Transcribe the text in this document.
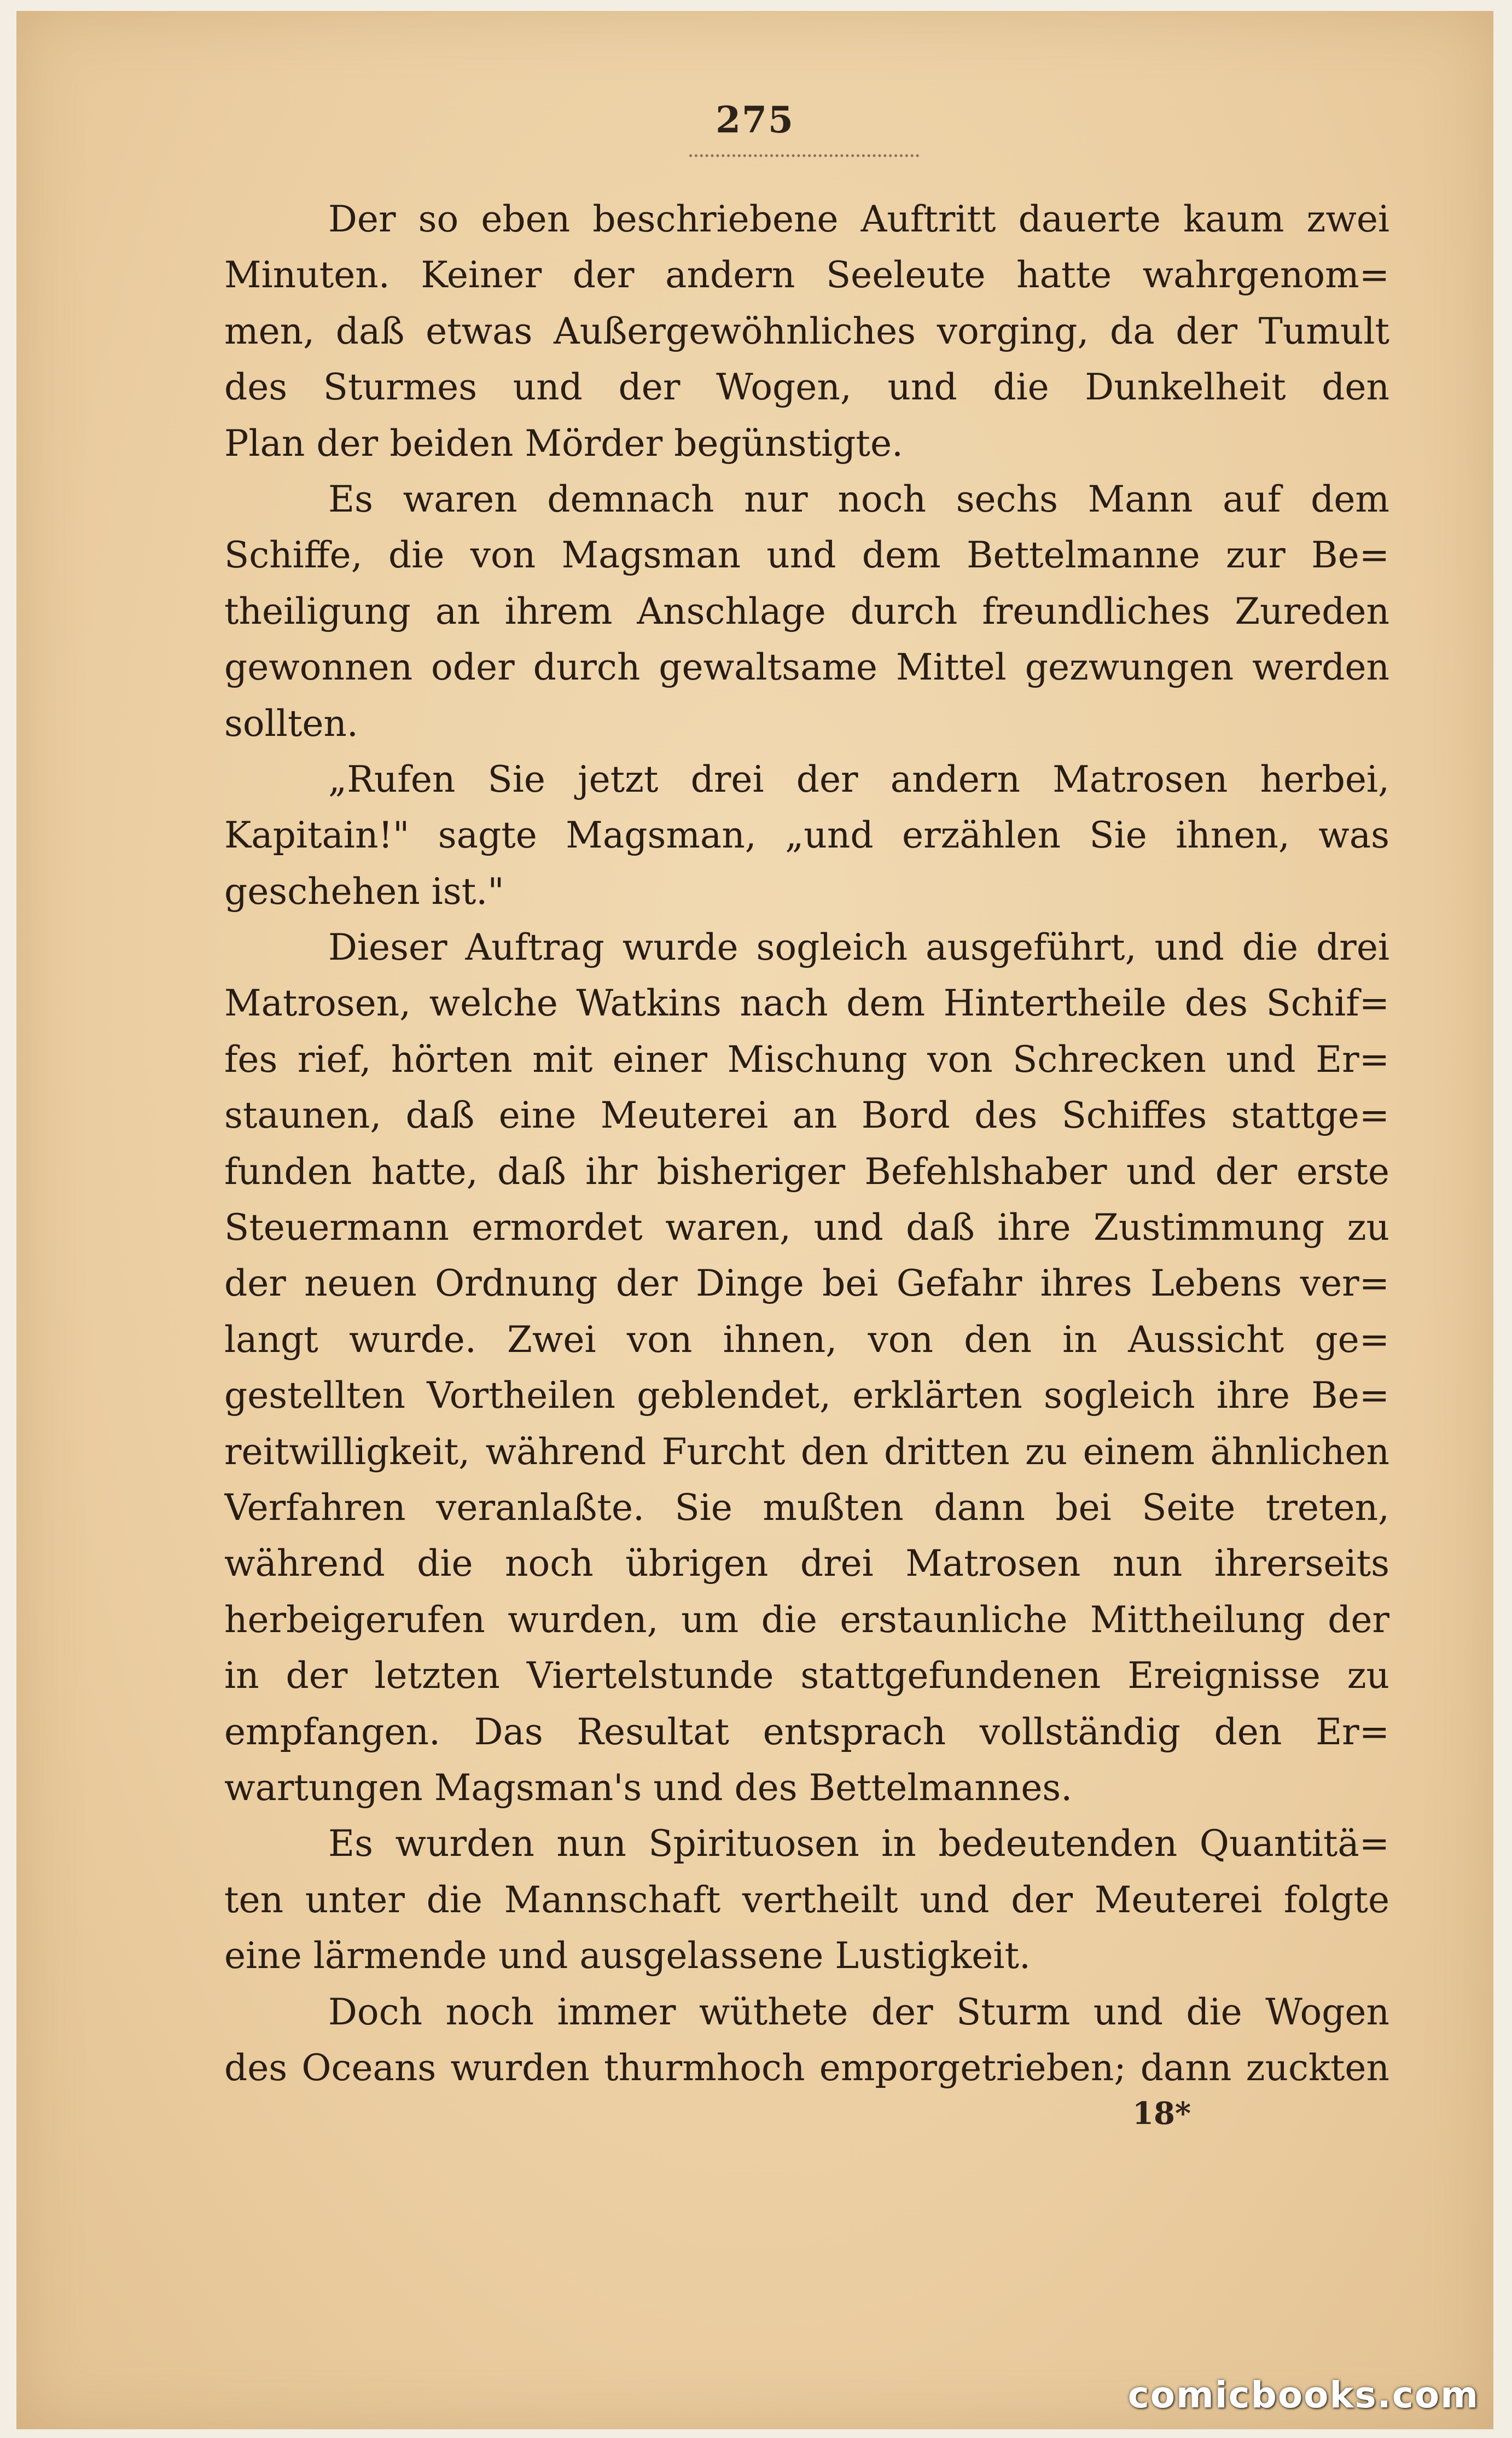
275
Der so eben beschriebene Auftritt dauerte kaum zwei
Minuten. Keiner der andern Seeleute hatte wahrgenom=
men, daß etwas Außergewöhnliches vorging, da der Tumult
des Sturmes und der Wogen, und die Dunkelheit den
Plan der beiden Mörder begünstigte.
Es waren demnach nur noch sechs Mann auf dem
Schiffe, die von Magsman und dem Bettelmanne zur Be=
theiligung an ihrem Anschlage durch freundliches Zureden
gewonnen oder durch gewaltsame Mittel gezwungen werden
sollten.
„Rufen Sie jetzt drei der andern Matrosen herbei,
Kapitain!" sagte Magsman, „und erzählen Sie ihnen, was
geschehen ist."
Dieser Auftrag wurde sogleich ausgeführt, und die drei
Matrosen, welche Watkins nach dem Hintertheile des Schif=
fes rief, hörten mit einer Mischung von Schrecken und Er=
staunen, daß eine Meuterei an Bord des Schiffes stattge=
funden hatte, daß ihr bisheriger Befehlshaber und der erste
Steuermann ermordet waren, und daß ihre Zustimmung zu
der neuen Ordnung der Dinge bei Gefahr ihres Lebens ver=
langt wurde. Zwei von ihnen, von den in Aussicht ge=
gestellten Vortheilen geblendet, erklärten sogleich ihre Be=
reitwilligkeit, während Furcht den dritten zu einem ähnlichen
Verfahren veranlaßte. Sie mußten dann bei Seite treten,
während die noch übrigen drei Matrosen nun ihrerseits
herbeigerufen wurden, um die erstaunliche Mittheilung der
in der letzten Viertelstunde stattgefundenen Ereignisse zu
empfangen. Das Resultat entsprach vollständig den Er=
wartungen Magsman's und des Bettelmannes.
Es wurden nun Spirituosen in bedeutenden Quantitä=
ten unter die Mannschaft vertheilt und der Meuterei folgte
eine lärmende und ausgelassene Lustigkeit.
Doch noch immer wüthete der Sturm und die Wogen
des Oceans wurden thurmhoch emporgetrieben; dann zuckten
18*
comicbooks.com
